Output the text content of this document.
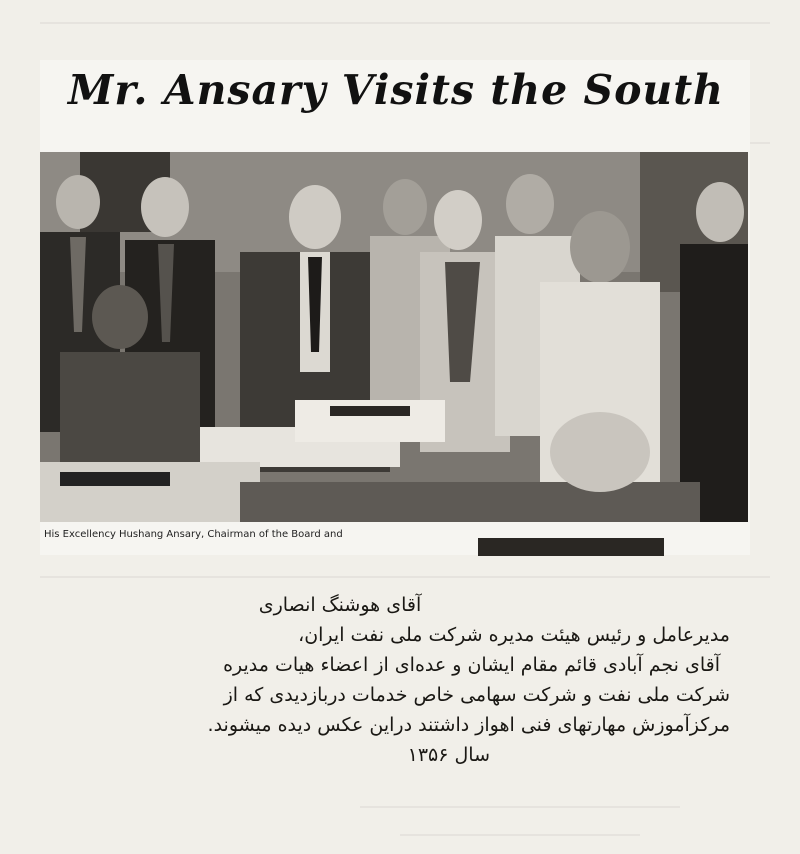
Mr. Ansary Visits the South
His Excellency Hushang Ansary, Chairman of the Board and
آقای هوشنگ انصاری
مدیرعامل و رئیس هیئت مدیره شرکت ملی نفت ایران،
آقای نجم آبادی قائم مقام ایشان و عده‌ای از اعضاء هیات مدیره
شرکت ملی نفت و شرکت سهامی خاص خدمات دربازدیدی که از
مرکزآموزش مهارتهای فنی اهواز داشتند دراین عکس دیده میشوند.
سال ۱۳۵۶
